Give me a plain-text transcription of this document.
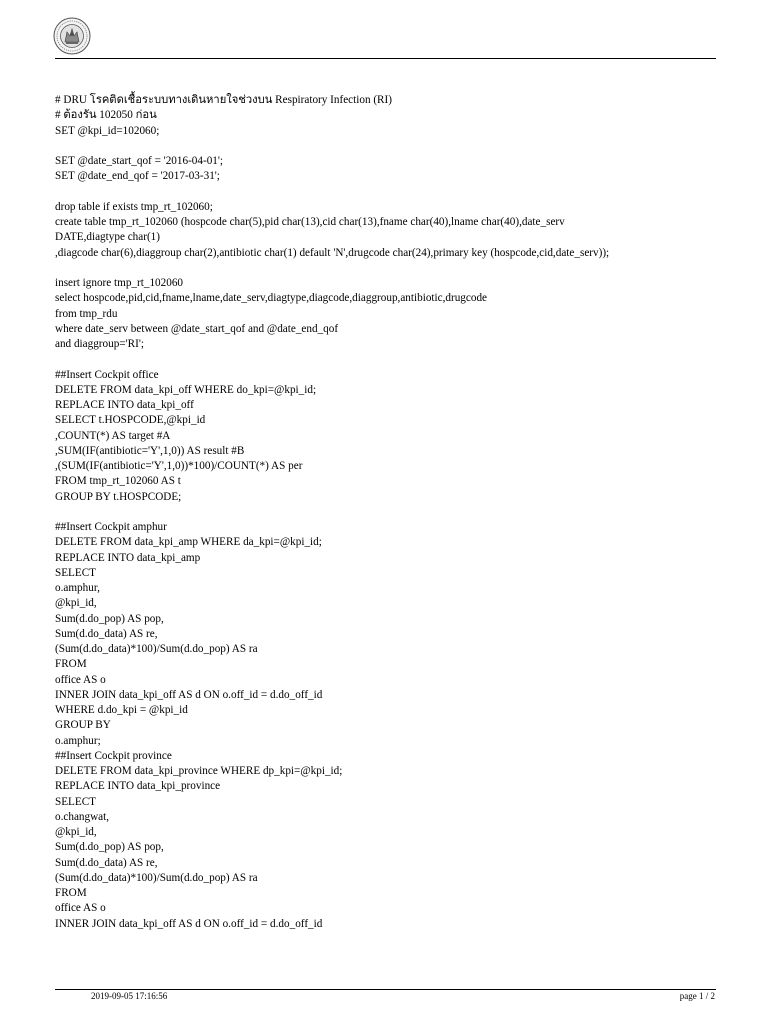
# DRU โรคติดเชื้อระบบทางเดินหายใจช่วงบน Respiratory Infection (RI)
# ต้องรัน 102050 ก่อน
SET @kpi_id=102060;
SET @date_start_qof = '2016-04-01';
SET @date_end_qof = '2017-03-31';
drop table if exists tmp_rt_102060;
create table tmp_rt_102060 (hospcode char(5),pid char(13),cid char(13),fname char(40),lname char(40),date_serv
DATE,diagtype char(1)
,diagcode char(6),diaggroup char(2),antibiotic char(1) default 'N',drugcode char(24),primary key (hospcode,cid,date_serv));
insert ignore tmp_rt_102060
select hospcode,pid,cid,fname,lname,date_serv,diagtype,diagcode,diaggroup,antibiotic,drugcode
from tmp_rdu
where date_serv between @date_start_qof and @date_end_qof
and diaggroup='RI';
##Insert Cockpit office
DELETE FROM data_kpi_off WHERE do_kpi=@kpi_id;
REPLACE INTO data_kpi_off
SELECT t.HOSPCODE,@kpi_id
,COUNT(*) AS target #A
,SUM(IF(antibiotic='Y',1,0)) AS result #B
,(SUM(IF(antibiotic='Y',1,0))*100)/COUNT(*) AS per
FROM tmp_rt_102060 AS t
GROUP BY t.HOSPCODE;
##Insert Cockpit amphur
DELETE FROM data_kpi_amp WHERE da_kpi=@kpi_id;
REPLACE INTO data_kpi_amp
SELECT
o.amphur,
@kpi_id,
Sum(d.do_pop) AS pop,
Sum(d.do_data) AS re,
(Sum(d.do_data)*100)/Sum(d.do_pop) AS ra
FROM
office AS o
INNER JOIN data_kpi_off AS d ON o.off_id = d.do_off_id
WHERE d.do_kpi = @kpi_id
GROUP BY
o.amphur;
##Insert Cockpit province
DELETE FROM data_kpi_province WHERE dp_kpi=@kpi_id;
REPLACE INTO data_kpi_province
SELECT
o.changwat,
@kpi_id,
Sum(d.do_pop) AS pop,
Sum(d.do_data) AS re,
(Sum(d.do_data)*100)/Sum(d.do_pop) AS ra
FROM
office AS o
INNER JOIN data_kpi_off AS d ON o.off_id = d.do_off_id
2019-09-05 17:16:56	page 1 / 2
